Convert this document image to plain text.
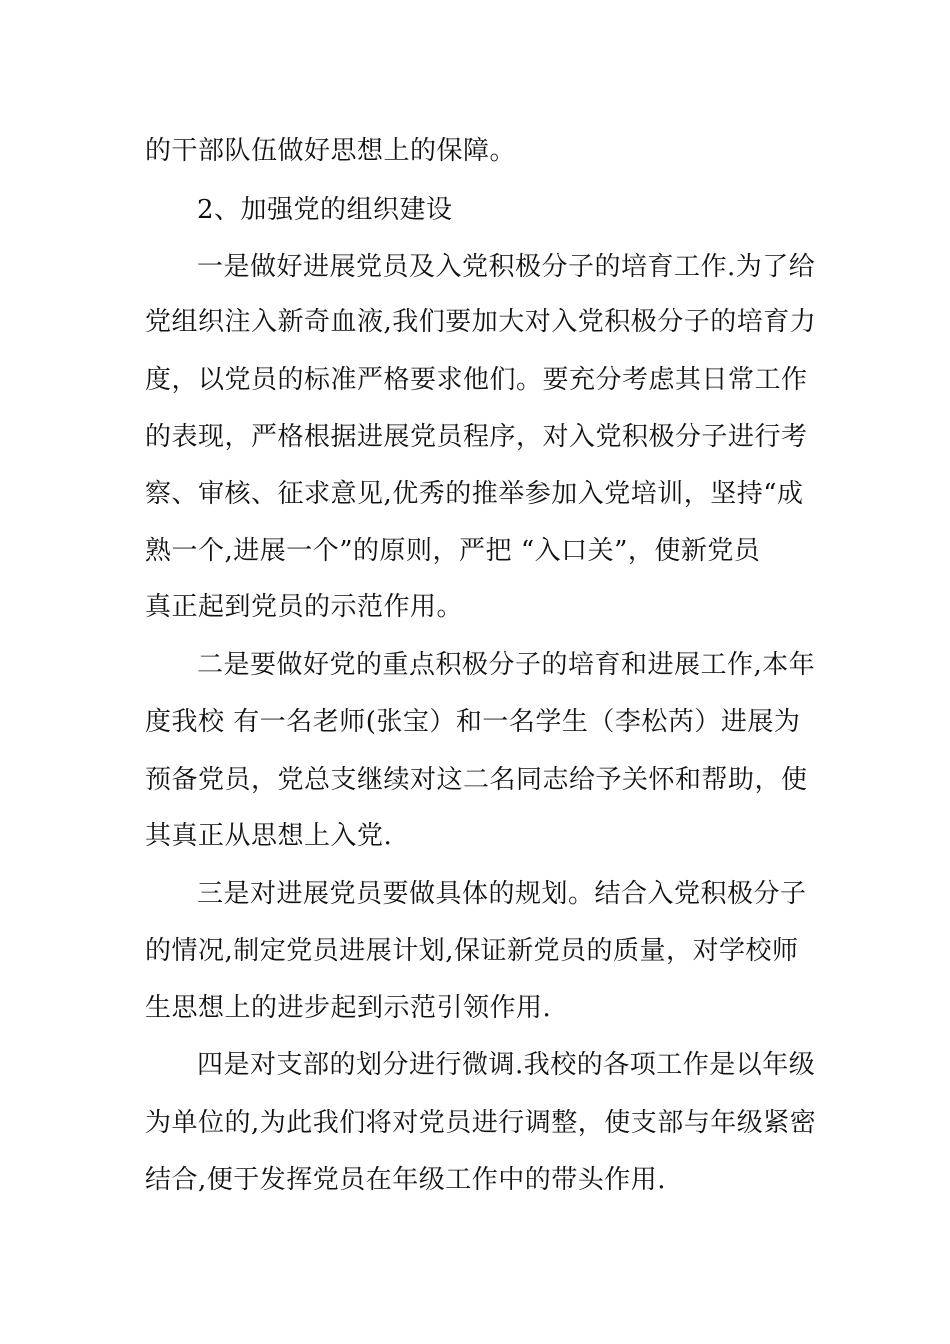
的干部队伍做好思想上的保障。
2、加强党的组织建设
一是做好进展党员及入党积极分子的培育工作.为了给
党组织注入新奇血液,我们要加大对入党积极分子的培育力
度，以党员的标准严格要求他们。要充分考虑其日常工作
的表现，严格根据进展党员程序，对入党积极分子进行考
察、审核、征求意见,优秀的推举参加入党培训，坚持“成
熟一个,进展一个”的原则，严把 “入口关”，使新党员
真正起到党员的示范作用。
二是要做好党的重点积极分子的培育和进展工作,本年
度我校 有一名老师(张宝）和一名学生（李松芮）进展为
预备党员，党总支继续对这二名同志给予关怀和帮助，使
其真正从思想上入党.
三是对进展党员要做具体的规划。结合入党积极分子
的情况,制定党员进展计划,保证新党员的质量，对学校师
生思想上的进步起到示范引领作用.
四是对支部的划分进行微调.我校的各项工作是以年级
为单位的,为此我们将对党员进行调整，使支部与年级紧密
结合,便于发挥党员在年级工作中的带头作用.
